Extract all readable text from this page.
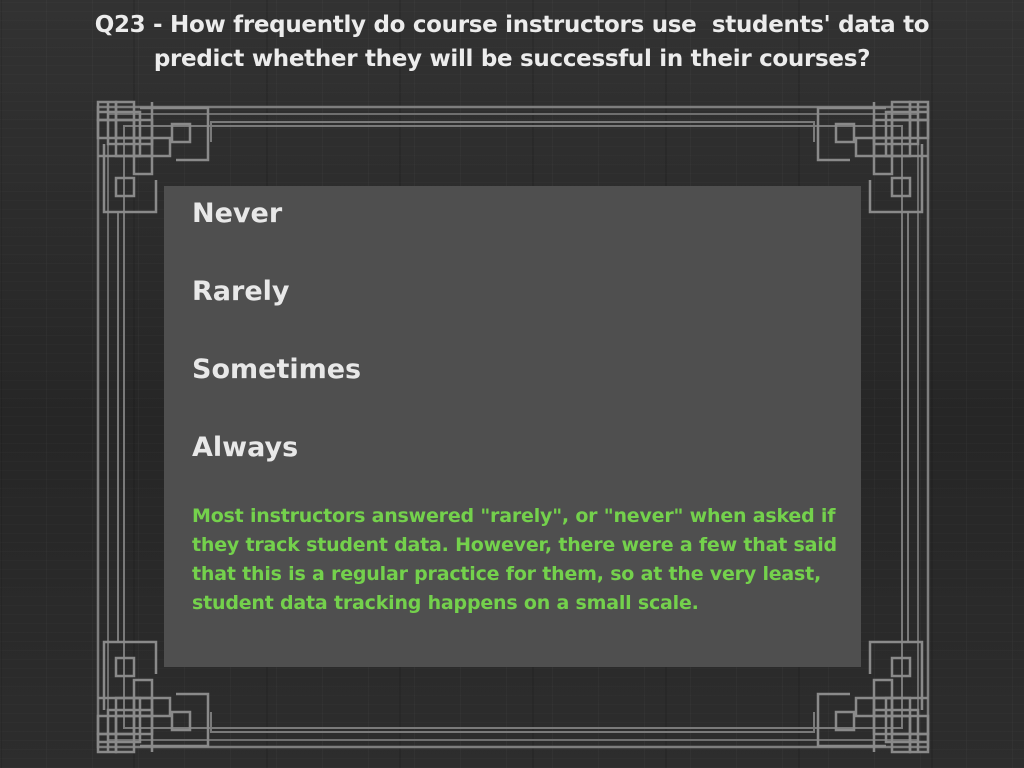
Q23 - How frequently do course instructors use  students' data to predict whether they will be successful in their courses?
Never
Rarely
Sometimes
Always

Most instructors answered "rarely", or "never" when asked if they track student data. However, there were a few that said that this is a regular practice for them, so at the very least, student data tracking happens on a small scale.
